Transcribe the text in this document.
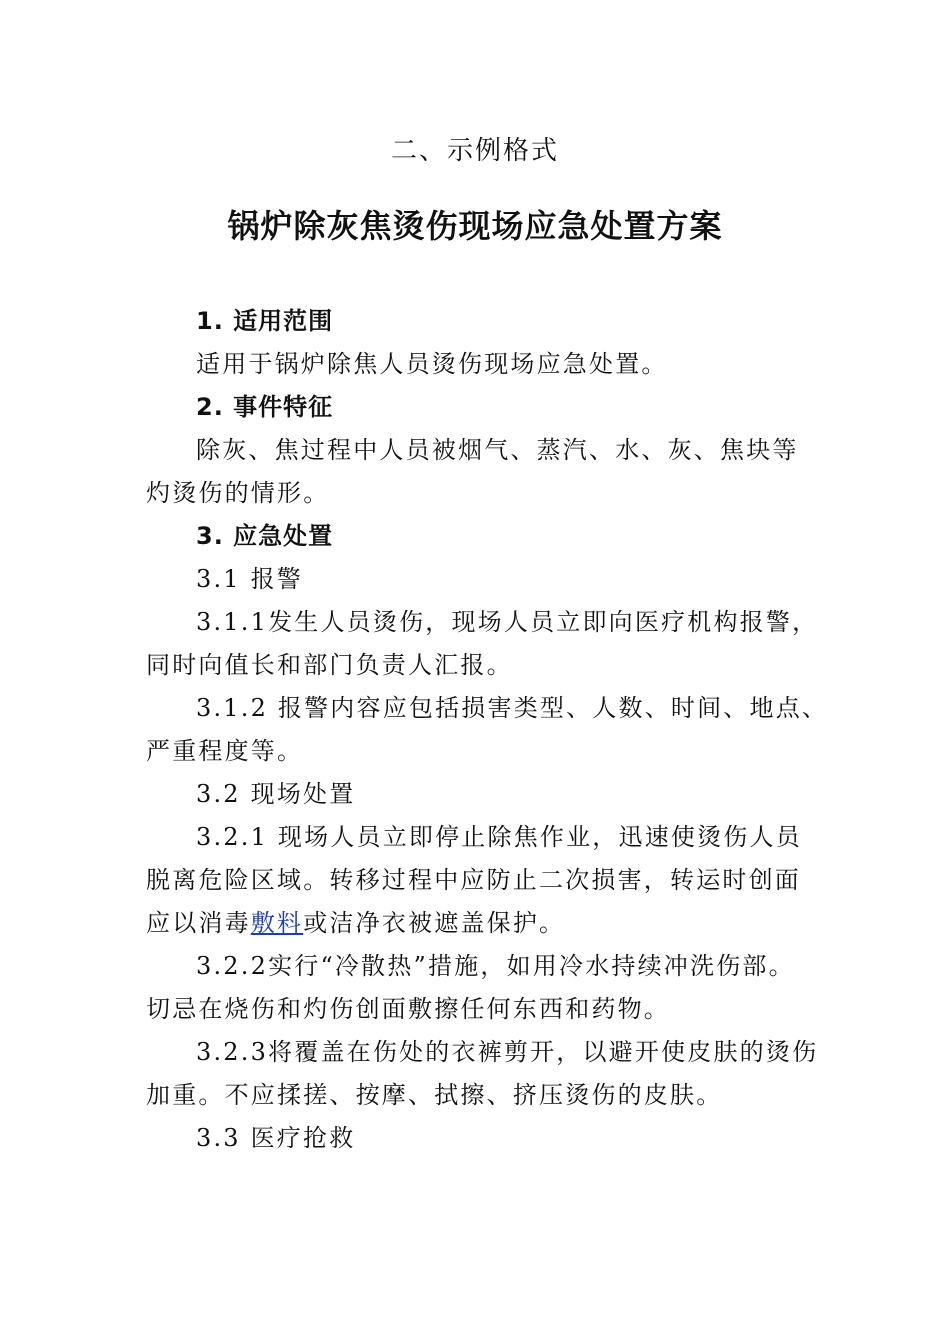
二、示例格式
锅炉除灰焦烫伤现场应急处置方案
1. 适用范围
适用于锅炉除焦人员烫伤现场应急处置。
2. 事件特征
除灰、焦过程中人员被烟气、蒸汽、水、灰、焦块等
灼烫伤的情形。
3. 应急处置
3.1 报警
3.1.1发生人员烫伤，现场人员立即向医疗机构报警，
同时向值长和部门负责人汇报。
3.1.2 报警内容应包括损害类型、人数、时间、地点、
严重程度等。
3.2 现场处置
3.2.1 现场人员立即停止除焦作业，迅速使烫伤人员
脱离危险区域。转移过程中应防止二次损害，转运时创面
应以消毒敷料或洁净衣被遮盖保护。
3.2.2实行“冷散热”措施，如用冷水持续冲洗伤部。
切忌在烧伤和灼伤创面敷擦任何东西和药物。
3.2.3将覆盖在伤处的衣裤剪开，以避开使皮肤的烫伤
加重。不应揉搓、按摩、拭擦、挤压烫伤的皮肤。
3.3 医疗抢救
